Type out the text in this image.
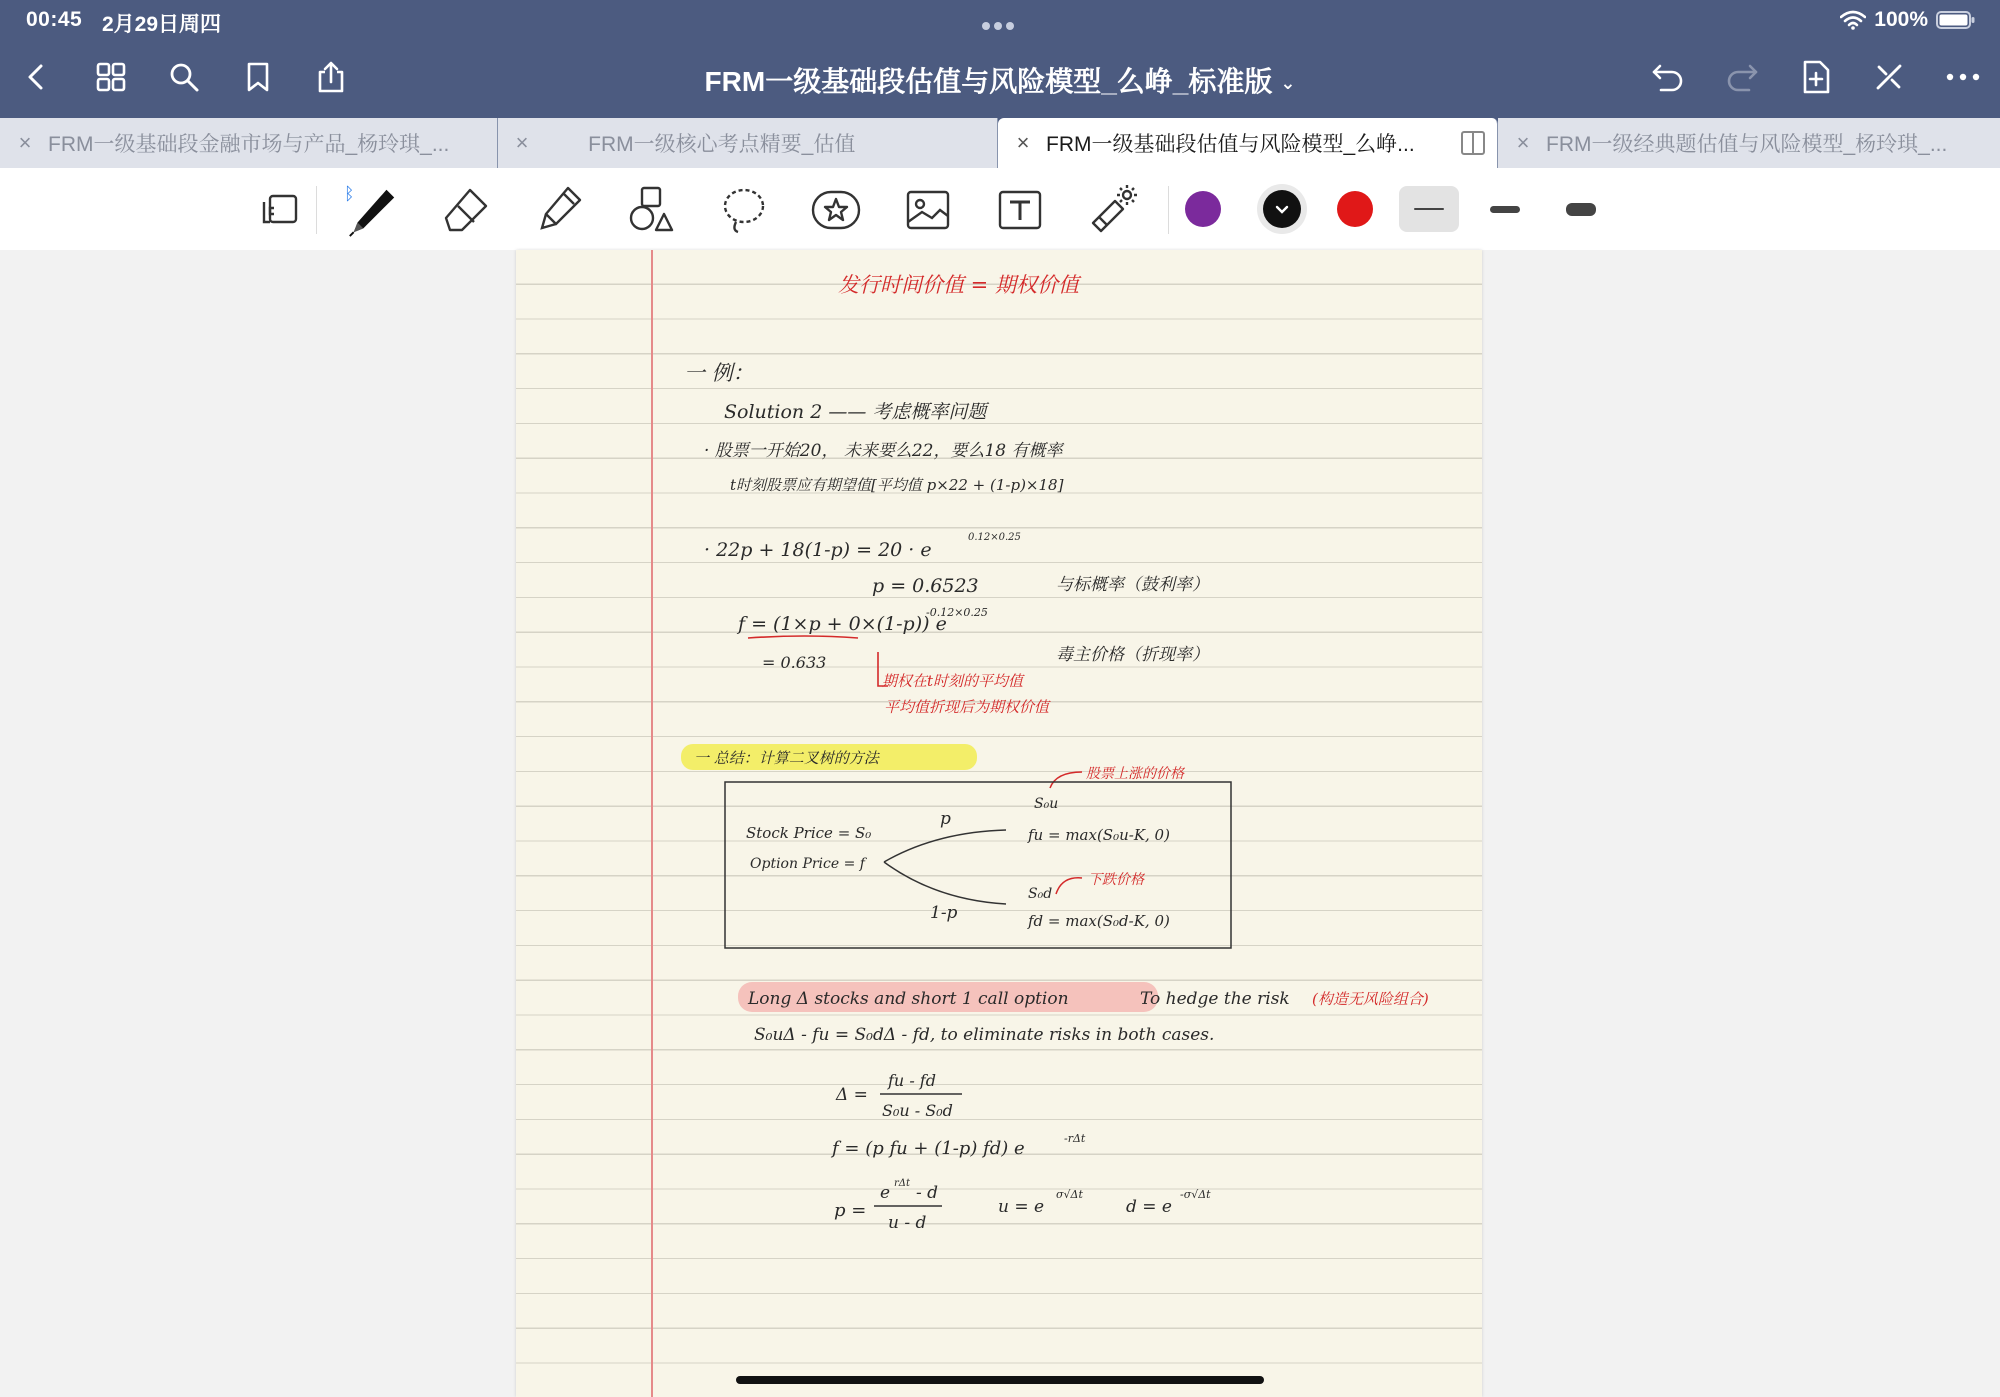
00:45 2月29日周四	100%
FRM一级基础段估值与风险模型_么峥_标准版 ⌄
× FRM一级基础段金融市场与产品_杨玲琪_...	×	FRM一级核心考点精要_估值	× FRM一级基础段估值与风险模型_么峥...	× FRM一级经典题估值与风险模型_杨玲琪_...
ᛒ
发行时间价值 = 期权价值
一 例：
Solution 2 —— 考虑概率问题
· 股票一开始20， 未来要么22，要么18 有概率
t时刻股票应有期望值[平均值 p×22 + (1-p)×18]
· 22p + 18(1-p) = 20 · e
0.12×0.25
p = 0.6523	与标概率（鼓利率）
f = (1×p + 0×(1-p)) e
-0.12×0.25
= 0.633	毒主价格（折现率）
期权在t时刻的平均值
平均值折现后为期权价值
一 总结：计算二叉树的方法
股票上涨的价格
Stock Price = S₀
Option Price = f
p
1-p
S₀u
fu = max(S₀u-K, 0)
S₀d
下跌价格
fd = max(S₀d-K, 0)
Long Δ stocks and short 1 call option	To hedge the risk (构造无风险组合)
S₀uΔ - fu = S₀dΔ - fd, to eliminate risks in both cases.
Δ =
fu - fd
S₀u - S₀d
f = (p fu + (1-p) fd) e	-rΔt
p =
e rΔt - d
u - d
u = e
σ√Δt
d = e
-σ√Δt
